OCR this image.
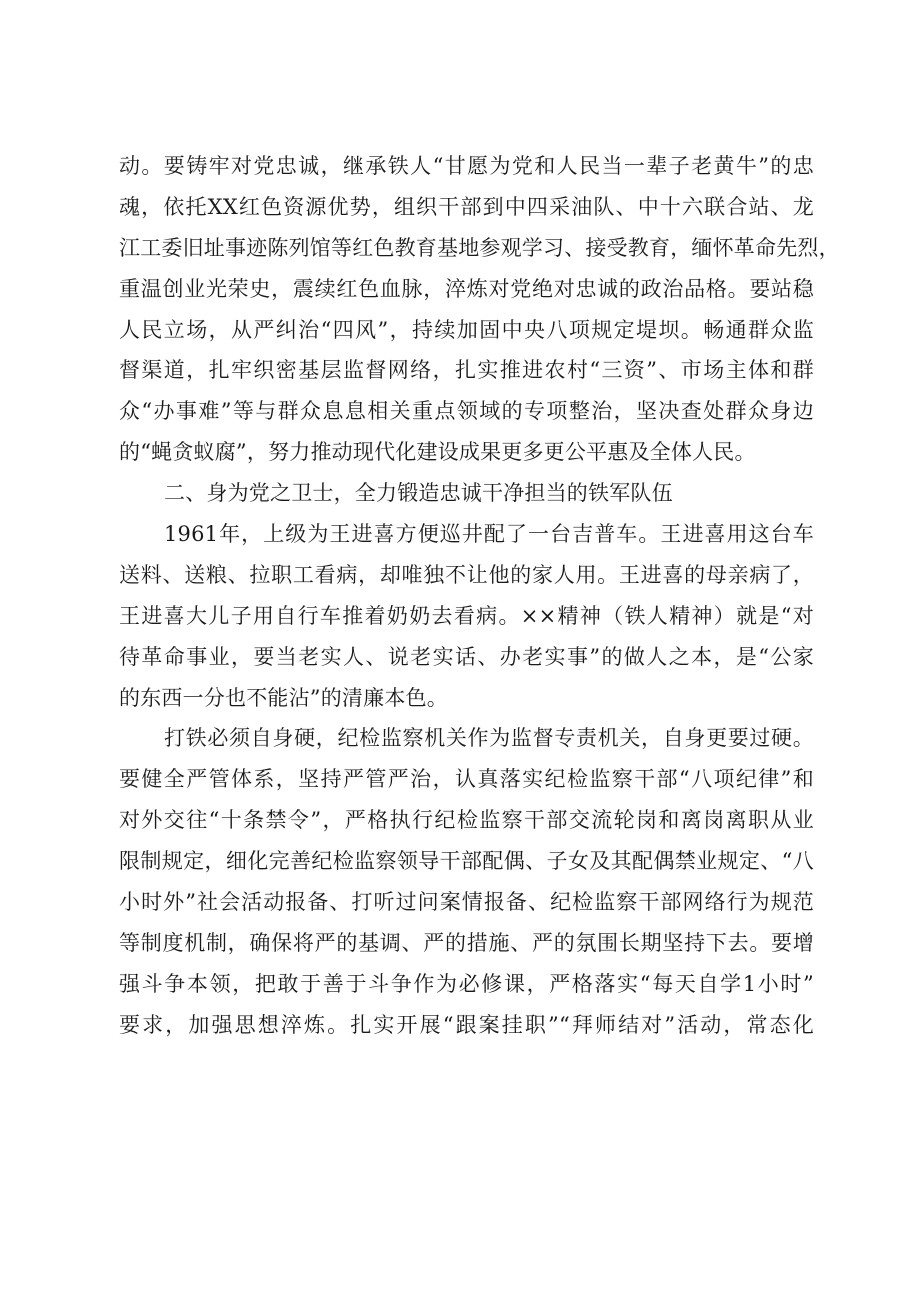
动。要铸牢对党忠诚，继承铁人“甘愿为党和人民当一辈子老黄牛”的忠
魂，依托XX红色资源优势，组织干部到中四采油队、中十六联合站、龙
江工委旧址事迹陈列馆等红色教育基地参观学习、接受教育，缅怀革命先烈，
重温创业光荣史，震续红色血脉，淬炼对党绝对忠诚的政治品格。要站稳
人民立场，从严纠治“四风”，持续加固中央八项规定堤坝。畅通群众监
督渠道，扎牢织密基层监督网络，扎实推进农村“三资”、市场主体和群
众“办事难”等与群众息息相关重点领域的专项整治，坚决查处群众身边
的“蝇贪蚁腐”，努力推动现代化建设成果更多更公平惠及全体人民。
二、身为党之卫士，全力锻造忠诚干净担当的铁军队伍
1961年，上级为王进喜方便巡井配了一台吉普车。王进喜用这台车
送料、送粮、拉职工看病，却唯独不让他的家人用。王进喜的母亲病了，
王进喜大儿子用自行车推着奶奶去看病。××精神（铁人精神）就是“对
待革命事业，要当老实人、说老实话、办老实事”的做人之本，是“公家
的东西一分也不能沾”的清廉本色。
打铁必须自身硬，纪检监察机关作为监督专责机关，自身更要过硬。
要健全严管体系，坚持严管严治，认真落实纪检监察干部“八项纪律”和
对外交往“十条禁令”，严格执行纪检监察干部交流轮岗和离岗离职从业
限制规定，细化完善纪检监察领导干部配偶、子女及其配偶禁业规定、“八
小时外”社会活动报备、打听过问案情报备、纪检监察干部网络行为规范
等制度机制，确保将严的基调、严的措施、严的氛围长期坚持下去。要增
强斗争本领，把敢于善于斗争作为必修课，严格落实“每天自学1小时”
要求，加强思想淬炼。扎实开展“跟案挂职”“拜师结对”活动，常态化
